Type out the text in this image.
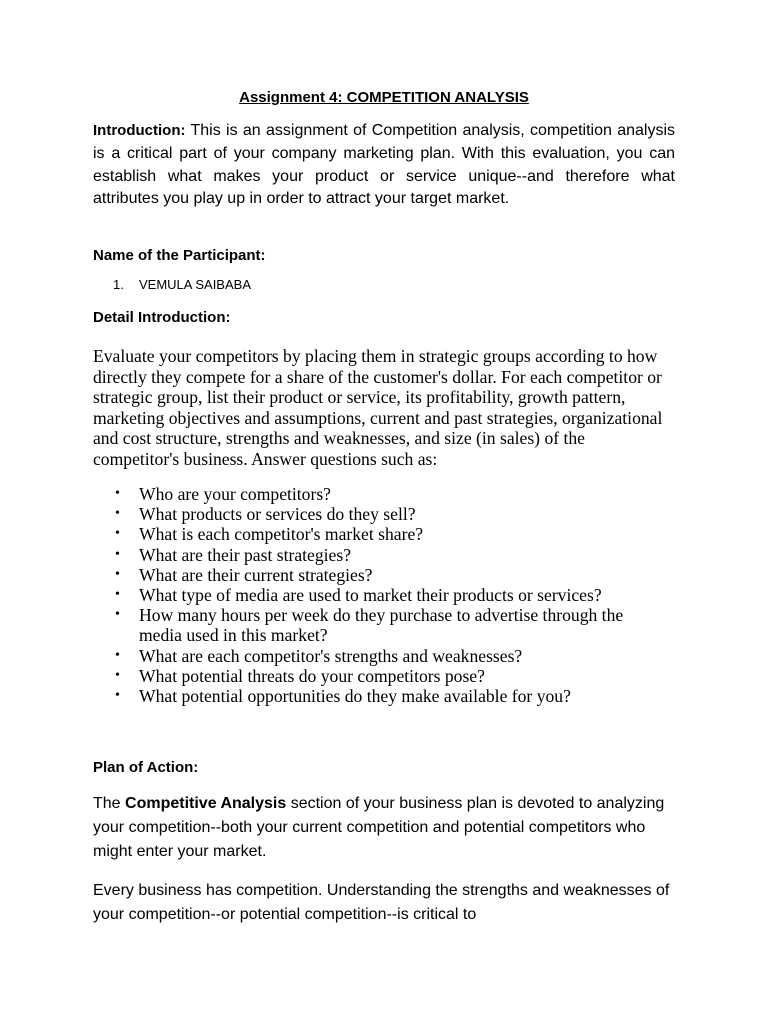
Assignment 4: COMPETITION ANALYSIS

Introduction: This is an assignment of Competition analysis, competition analysis is a critical part of your company marketing plan. With this evaluation, you can establish what makes your product or service unique--and therefore what attributes you play up in order to attract your target market.

Name of the Participant:
1.	VEMULA SAIBABA
Detail Introduction:

Evaluate your competitors by placing them in strategic groups according to how directly they compete for a share of the customer's dollar. For each competitor or strategic group, list their product or service, its profitability, growth pattern, marketing objectives and assumptions, current and past strategies, organizational and cost structure, strengths and weaknesses, and size (in sales) of the competitor's business. Answer questions such as:

• Who are your competitors?
• What products or services do they sell?
• What is each competitor's market share?
• What are their past strategies?
• What are their current strategies?
• What type of media are used to market their products or services?
• How many hours per week do they purchase to advertise through the media used in this market?
• What are each competitor's strengths and weaknesses?
• What potential threats do your competitors pose?
• What potential opportunities do they make available for you?
Plan of Action:

The Competitive Analysis section of your business plan is devoted to analyzing your competition--both your current competition and potential competitors who might enter your market.

Every business has competition. Understanding the strengths and weaknesses of your competition--or potential competition--is critical to
